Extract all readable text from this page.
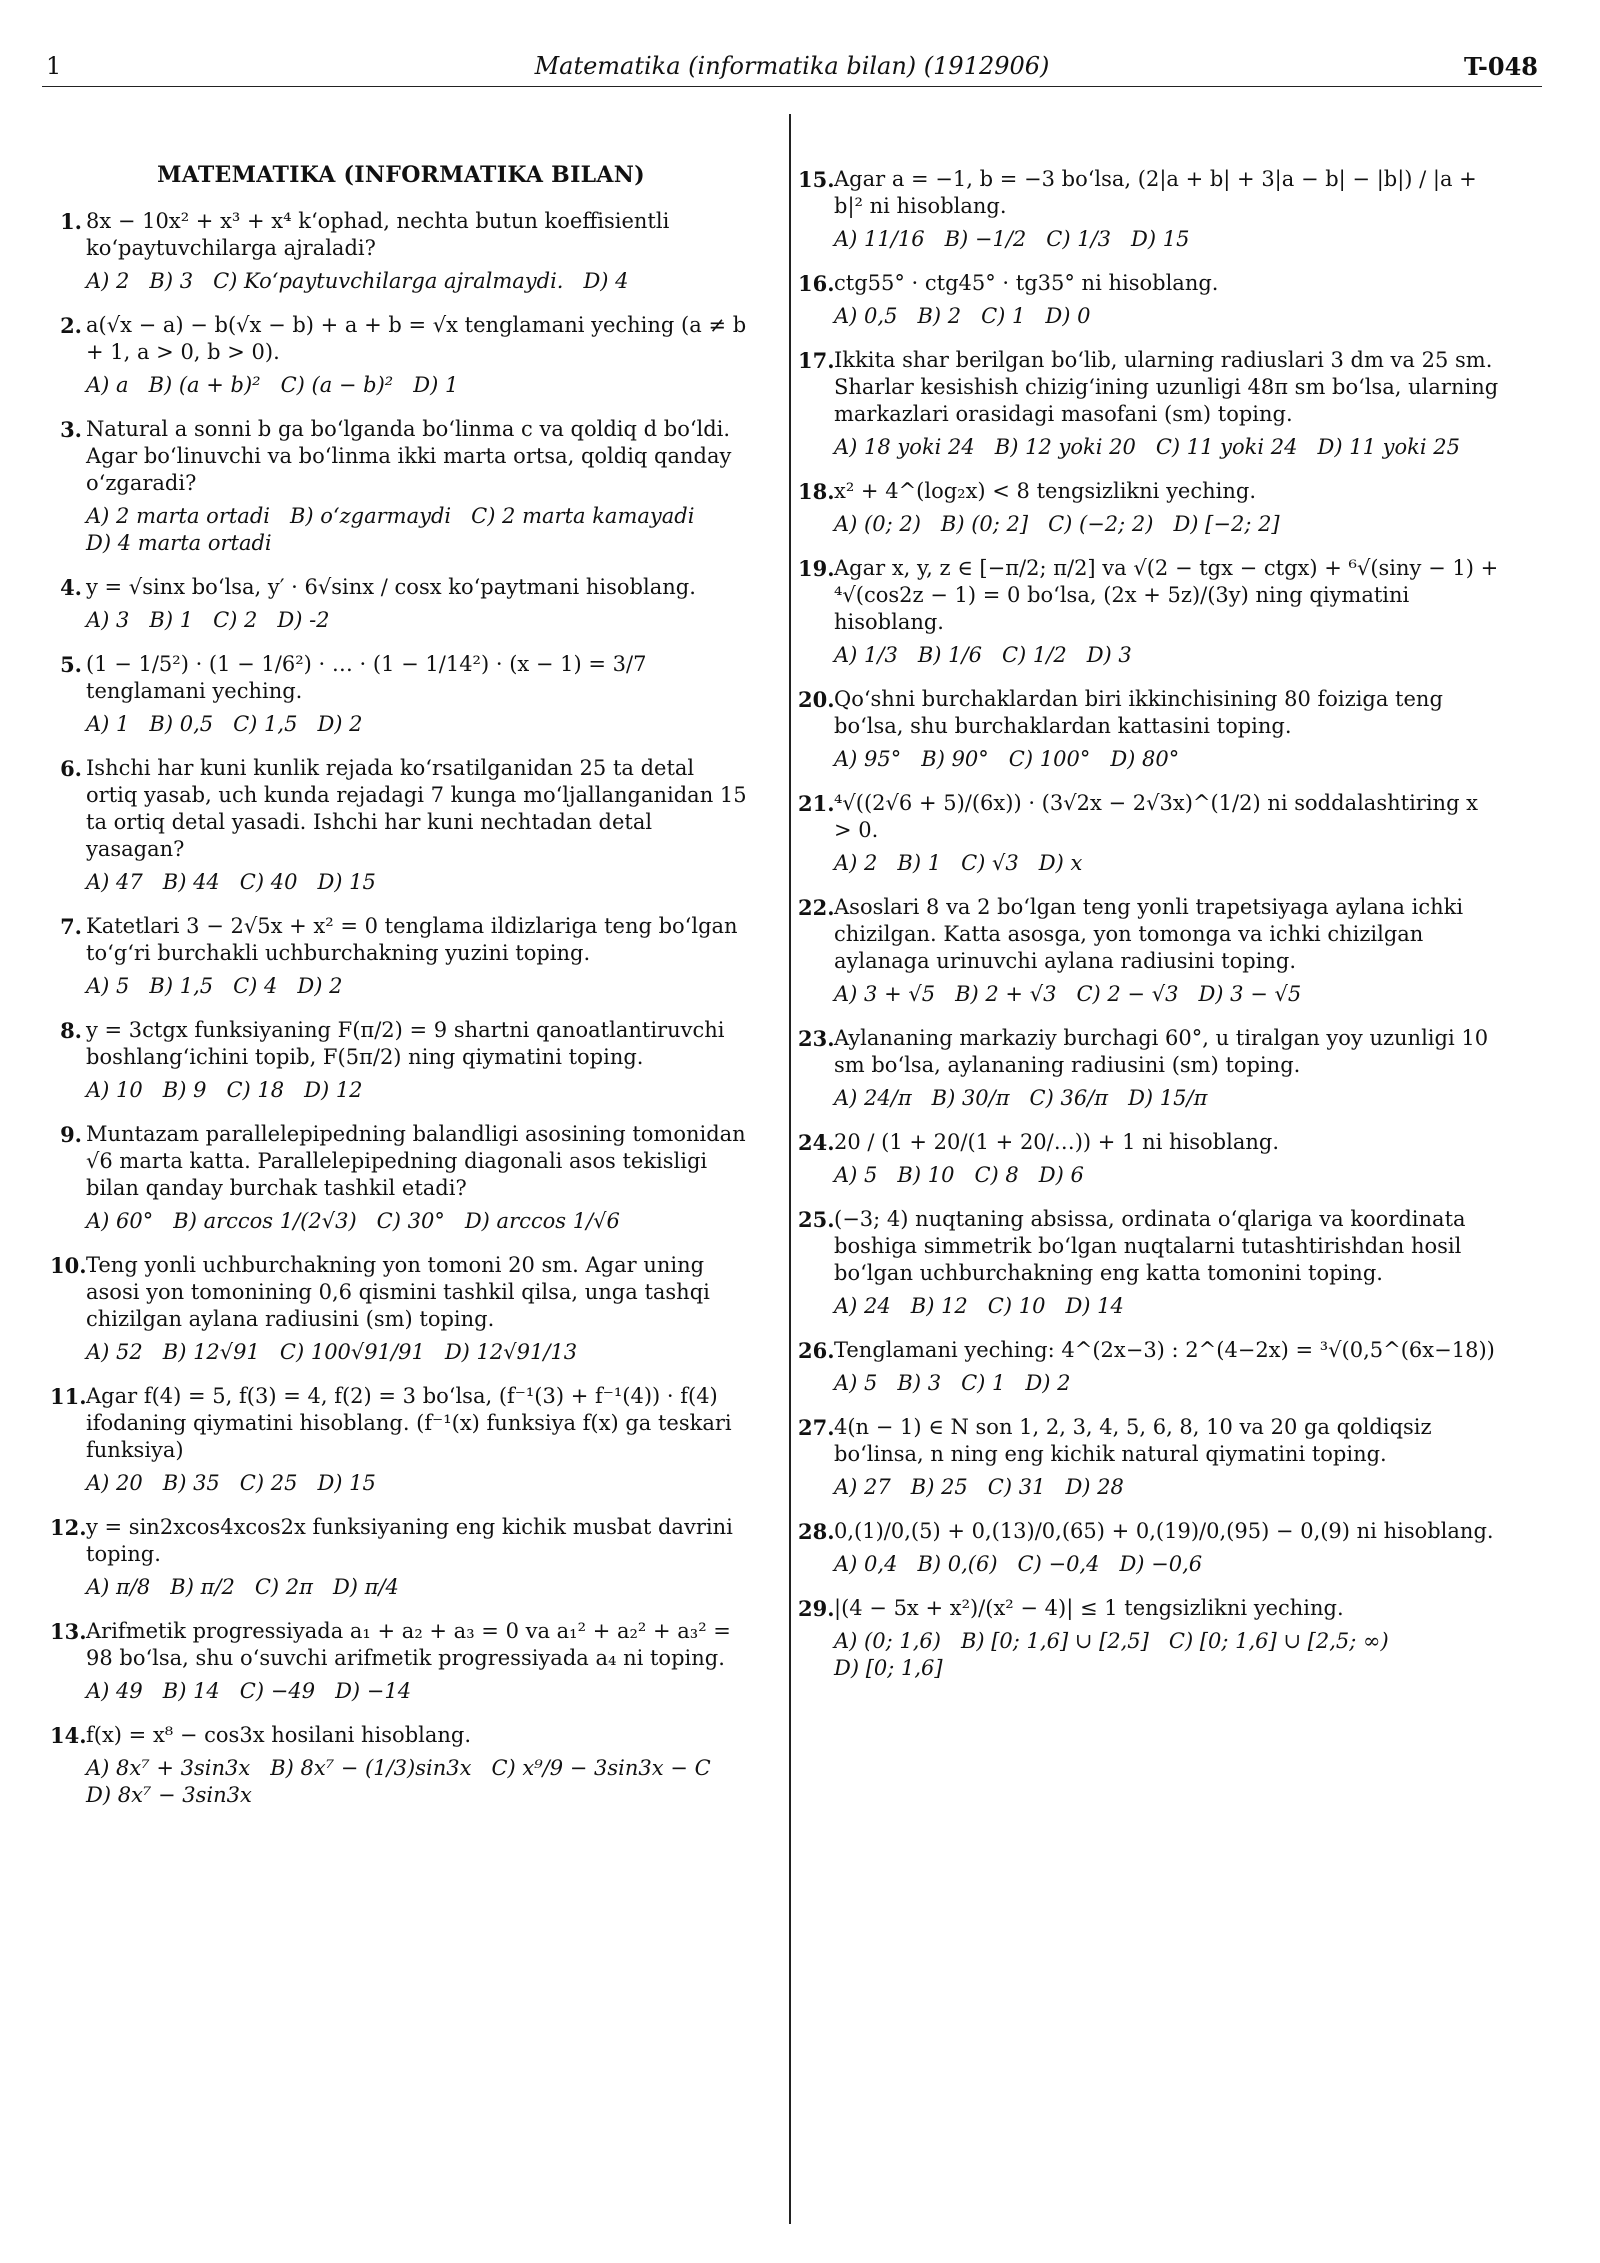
1	Matematika (informatika bilan) (1912906)	T-048
MATEMATIKA (INFORMATIKA BILAN)
1. 8x − 10x² + x³ + x⁴ k‘ophad, nechta butun koeffisientli ko‘paytuvchilarga ajraladi?
A) 2 B) 3 C) Ko‘paytuvchilarga ajralmaydi. D) 4
2. a(√x − a) − b(√x − b) + a + b = √x tenglamani yeching (a ≠ b + 1, a > 0, b > 0).
A) a B) (a + b)² C) (a − b)² D) 1
3. Natural a sonni b ga bo‘lganda bo‘linma c va qoldiq d bo‘ldi. Agar bo‘linuvchi va bo‘linma ikki marta ortsa, qoldiq qanday o‘zgaradi?
A) 2 marta ortadi B) o‘zgarmaydi C) 2 marta kamayadiD) 4 marta ortadi
4. y = √sinx bo‘lsa, y′ · 6√sinx / cosx ko‘paytmani hisoblang.
A) 3 B) 1 C) 2 D) -2
5. (1 − 1/5²) · (1 − 1/6²) · … · (1 − 1/14²) · (x − 1) = 3/7 tenglamani yeching.
A) 1 B) 0,5 C) 1,5 D) 2
6. Ishchi har kuni kunlik rejada ko‘rsatilganidan 25 ta detal ortiq yasab, uch kunda rejadagi 7 kunga mo‘ljallanganidan 15 ta ortiq detal yasadi. Ishchi har kuni nechtadan detal yasagan?
A) 47 B) 44 C) 40 D) 15
7. Katetlari 3 − 2√5x + x² = 0 tenglama ildizlariga teng bo‘lgan to‘g‘ri burchakli uchburchakning yuzini toping.
A) 5 B) 1,5 C) 4 D) 2
8. y = 3ctgx funksiyaning F(π/2) = 9 shartni qanoatlantiruvchi boshlang‘ichini topib, F(5π/2) ning qiymatini toping.
A) 10 B) 9 C) 18 D) 12
9. Muntazam parallelepipedning balandligi asosining tomonidan √6 marta katta. Parallelepipedning diagonali asos tekisligi bilan qanday burchak tashkil etadi?
A) 60° B) arccos 1/(2√3) C) 30° D) arccos 1/√6
10. Teng yonli uchburchakning yon tomoni 20 sm. Agar uning asosi yon tomonining 0,6 qismini tashkil qilsa, unga tashqi chizilgan aylana radiusini (sm) toping.
A) 52 B) 12√91 C) 100√91/91 D) 12√91/13
11. Agar f(4) = 5, f(3) = 4, f(2) = 3 bo‘lsa, (f⁻¹(3) + f⁻¹(4)) · f(4) ifodaning qiymatini hisoblang. (f⁻¹(x) funksiya f(x) ga teskari funksiya)
A) 20 B) 35 C) 25 D) 15
12. y = sin2xcos4xcos2x funksiyaning eng kichik musbat davrini toping.
A) π/8 B) π/2 C) 2π D) π/4
13. Arifmetik progressiyada a₁ + a₂ + a₃ = 0 va a₁² + a₂² + a₃² = 98 bo‘lsa, shu o‘suvchi arifmetik progressiyada a₄ ni toping.
A) 49 B) 14 C) −49 D) −14
14. f(x) = x⁸ − cos3x hosilani hisoblang.
A) 8x⁷ + 3sin3x B) 8x⁷ − (1/3)sin3x C) x⁹/9 − 3sin3x − CD) 8x⁷ − 3sin3x
15. Agar a = −1, b = −3 bo‘lsa, (2|a + b| + 3|a − b| − |b|) / |a + b|² ni hisoblang.
A) 11/16 B) −1/2 C) 1/3 D) 15
16. ctg55° · ctg45° · tg35° ni hisoblang.
A) 0,5 B) 2 C) 1 D) 0
17. Ikkita shar berilgan bo‘lib, ularning radiuslari 3 dm va 25 sm. Sharlar kesishish chizig‘ining uzunligi 48π sm bo‘lsa, ularning markazlari orasidagi masofani (sm) toping.
A) 18 yoki 24 B) 12 yoki 20 C) 11 yoki 24 D) 11 yoki 25
18. x² + 4^(log₂x) < 8 tengsizlikni yeching.
A) (0; 2) B) (0; 2] C) (−2; 2) D) [−2; 2]
19. Agar x, y, z ∈ [−π/2; π/2] va √(2 − tgx − ctgx) + ⁶√(siny − 1) + ⁴√(cos2z − 1) = 0 bo‘lsa, (2x + 5z)/(3y) ning qiymatini hisoblang.
A) 1/3 B) 1/6 C) 1/2 D) 3
20. Qo‘shni burchaklardan biri ikkinchisining 80 foiziga teng bo‘lsa, shu burchaklardan kattasini toping.
A) 95° B) 90° C) 100° D) 80°
21. ⁴√((2√6 + 5)/(6x)) · (3√2x − 2√3x)^(1/2) ni soddalashtiring x > 0.
A) 2 B) 1 C) √3 D) x
22. Asoslari 8 va 2 bo‘lgan teng yonli trapetsiyaga aylana ichki chizilgan. Katta asosga, yon tomonga va ichki chizilgan aylanaga urinuvchi aylana radiusini toping.
A) 3 + √5 B) 2 + √3 C) 2 − √3 D) 3 − √5
23. Aylananing markaziy burchagi 60°, u tiralgan yoy uzunligi 10 sm bo‘lsa, aylananing radiusini (sm) toping.
A) 24/π B) 30/π C) 36/π D) 15/π
24. 20 / (1 + 20/(1 + 20/…)) + 1 ni hisoblang.
A) 5 B) 10 C) 8 D) 6
25. (−3; 4) nuqtaning absissa, ordinata o‘qlariga va koordinata boshiga simmetrik bo‘lgan nuqtalarni tutashtirishdan hosil bo‘lgan uchburchakning eng katta tomonini toping.
A) 24 B) 12 C) 10 D) 14
26. Tenglamani yeching: 4^(2x−3) : 2^(4−2x) = ³√(0,5^(6x−18))
A) 5 B) 3 C) 1 D) 2
27. 4(n − 1) ∈ N son 1, 2, 3, 4, 5, 6, 8, 10 va 20 ga qoldiqsiz bo‘linsa, n ning eng kichik natural qiymatini toping.
A) 27 B) 25 C) 31 D) 28
28. 0,(1)/0,(5) + 0,(13)/0,(65) + 0,(19)/0,(95) − 0,(9) ni hisoblang.
A) 0,4 B) 0,(6) C) −0,4 D) −0,6
29. |(4 − 5x + x²)/(x² − 4)| ≤ 1 tengsizlikni yeching.
A) (0; 1,6) B) [0; 1,6] ∪ [2,5] C) [0; 1,6] ∪ [2,5; ∞)D) [0; 1,6]
